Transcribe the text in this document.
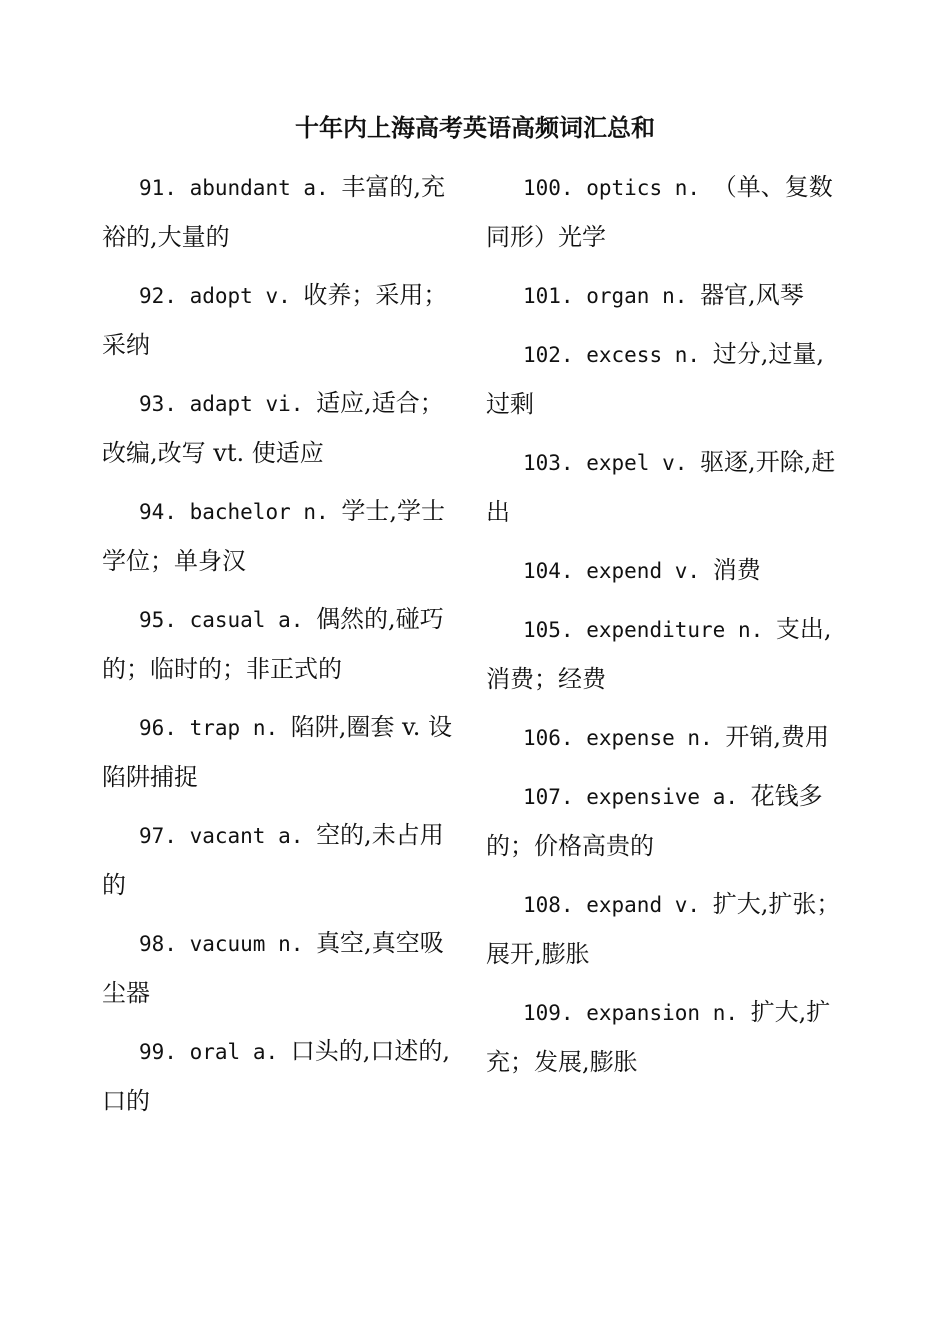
十年内上海高考英语高频词汇总和

91. abundant a. 丰富的,充裕的,大量的

92. adopt v. 收养；采用；采纳

93. adapt vi. 适应,适合；改编,改写 vt. 使适应

94. bachelor n. 学士,学士学位；单身汉

95. casual a. 偶然的,碰巧的；临时的；非正式的

96. trap n. 陷阱,圈套 v. 设陷阱捕捉

97. vacant a. 空的,未占用的

98. vacuum n. 真空,真空吸尘器

99. oral a. 口头的,口述的,口的

100. optics n. （单、复数同形）光学

101. organ n. 器官,风琴

102. excess n. 过分,过量,过剩

103. expel v. 驱逐,开除,赶出

104. expend v. 消费

105. expenditure n. 支出,消费；经费

106. expense n. 开销,费用

107. expensive a. 花钱多的；价格高贵的

108. expand v. 扩大,扩张；展开,膨胀

109. expansion n. 扩大,扩充；发展,膨胀
